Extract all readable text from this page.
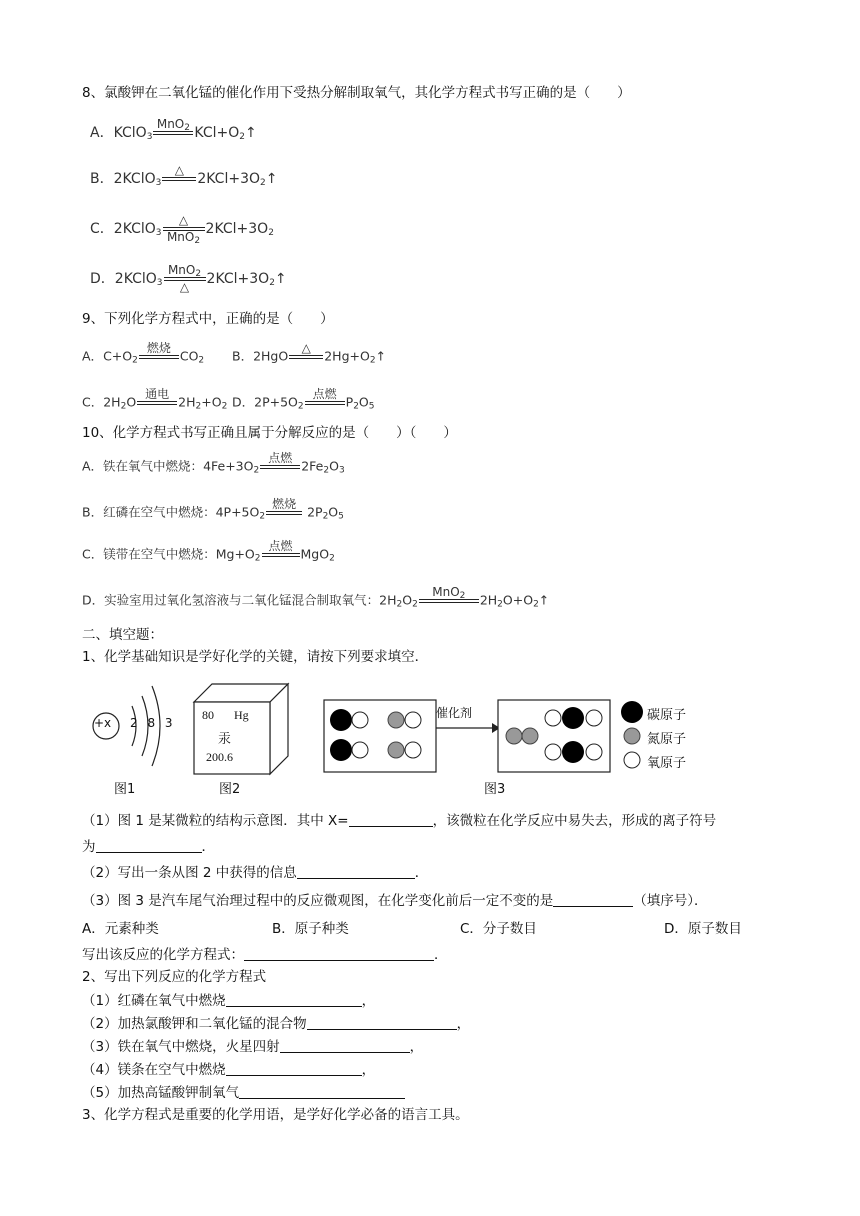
8、氯酸钾在二氧化锰的催化作用下受热分解制取氧气，其化学方程式书写正确的是（　　）
A．KClO$_3$
MnO$_2$ $KCl+O_2↑$
B．2KClO$_3$
△
$2KCl+3O_2↑$
C．2KClO$_3$
△
MnO$_2$
$2KCl+3O_2$
D．2KClO$_3$
MnO$_2$
△	$2KCl+3O_2↑$
9、下列化学方程式中，正确的是（　　）
A．$C+O_2$
燃烧
$CO_2$ B．2HgO
△
$2Hg+O_2↑$
C．$2H_2O$
通电
$2H_2+O_2$ D．$2P+5O_2$
点燃
$P_2O_5$
10、化学方程式书写正确且属于分解反应的是（　　）（　　）
A．铁在氧气中燃烧：$4Fe+3O_2$
点燃
$2Fe_2O_3$
B．红磷在空气中燃烧：$4P+5O_2$
燃烧
$2P_2O_5$
C．镁带在空气中燃烧：$Mg+O_2$
点燃
MgO$_2$
D．实验室用过氧化氢溶液与二氧化锰混合制取氧气：$2H_2O_2$
MnO$_2$	$2H_2O+O_2↑$
二、填空题：
1、化学基础知识是学好化学的关键，请按下列要求填空．
+x 2 8 3
图1
80 Hg
汞
200.6
图2
催化剂	碳原子
氮原子
氧原子
图3
（1）图 1 是某微粒的结构示意图．其中 X=	，该微粒在化学反应中易失去，形成的离子符号
为	．
（2）写出一条从图 2 中获得的信息	．
（3）图 3 是汽车尾气治理过程中的反应微观图，在化学变化前后一定不变的是	（填序号）．
A．元素种类	B．原子种类	C．分子数目	D．原子数目
写出该反应的化学方程式：	．
2、写出下列反应的化学方程式
（1）红磷在氧气中燃烧	，
（2）加热氯酸钾和二氧化锰的混合物	，
（3）铁在氧气中燃烧，火星四射	，
（4）镁条在空气中燃烧	，
（5）加热高锰酸钾制氧气
3、化学方程式是重要的化学用语，是学好化学必备的语言工具。
